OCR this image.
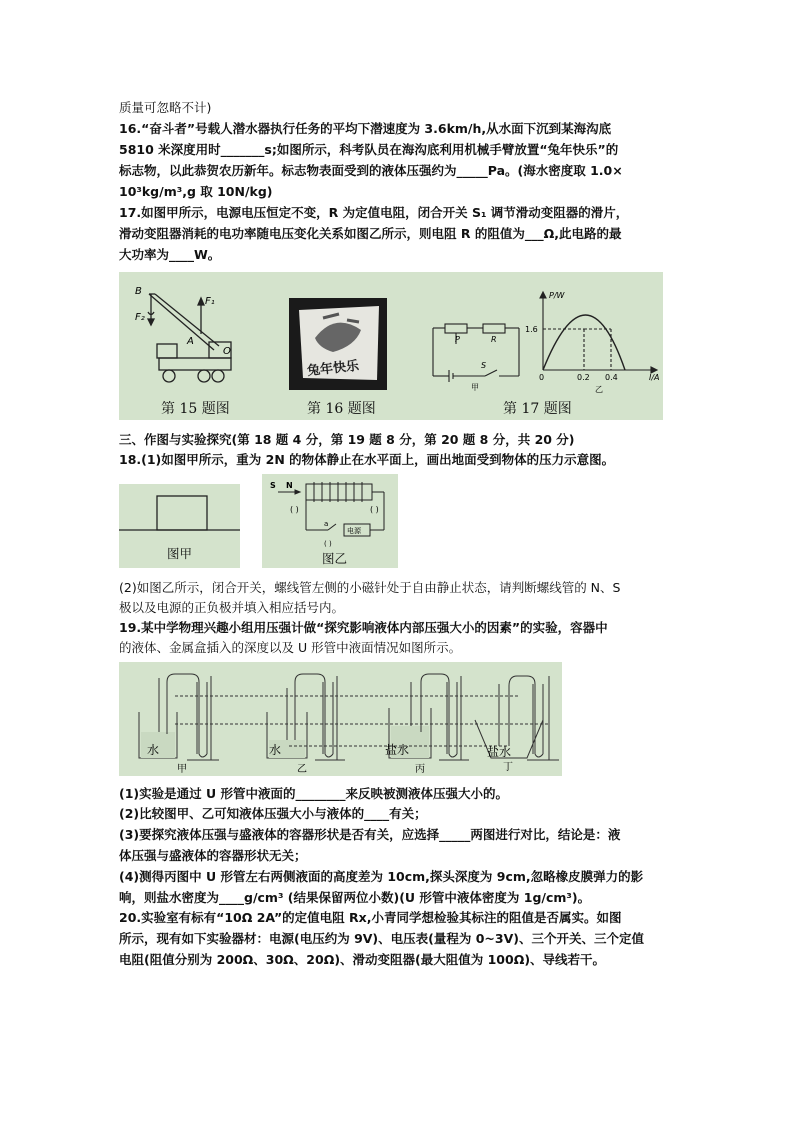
质量可忽略不计)
16.“奋斗者”号载人潜水器执行任务的平均下潜速度为 3.6km/h,从水面下沉到某海沟底
5810 米深度用时_______s;如图所示，科考队员在海沟底利用机械手臂放置“兔年快乐”的
标志物，以此恭贺农历新年。标志物表面受到的液体压强约为_____Pa。(海水密度取 1.0×
10³kg/m³,g 取 10N/kg)
17.如图甲所示，电源电压恒定不变，R 为定值电阻，闭合开关 S₁ 调节滑动变阻器的滑片，
滑动变阻器消耗的电功率随电压变化关系如图乙所示，则电阻 R 的阻值为___Ω,此电路的最
大功率为____W。
B
F₁
F₂
A
O
兔年快乐
P	R
S
甲
P/W
I/A
1.6
0	0.2 0.4
乙
第 15 题图	第 16 题图	第 17 题图
三、作图与实验探究(第 18 题 4 分，第 19 题 8 分，第 20 题 8 分，共 20 分)
18.(1)如图甲所示，重为 2N 的物体静止在水平面上，画出地面受到物体的压力示意图。
图甲
S N
( )	( )
a
电源
( )
图乙
(2)如图乙所示，闭合开关，螺线管左侧的小磁针处于自由静止状态，请判断螺线管的 N、S
极以及电源的正负极并填入相应括号内。
19.某中学物理兴趣小组用压强计做“探究影响液体内部压强大小的因素”的实验，容器中
的液体、金属盒插入的深度以及 U 形管中液面情况如图所示。
水
甲
水
乙
盐水
丙
盐水
丁
(1)实验是通过 U 形管中液面的________来反映被测液体压强大小的。
(2)比较图甲、乙可知液体压强大小与液体的____有关；
(3)要探究液体压强与盛液体的容器形状是否有关，应选择_____两图进行对比，结论是：液
体压强与盛液体的容器形状无关；
(4)测得丙图中 U 形管左右两侧液面的高度差为 10cm,探头深度为 9cm,忽略橡皮膜弹力的影
响，则盐水密度为____g/cm³ (结果保留两位小数)(U 形管中液体密度为 1g/cm³)。
20.实验室有标有“10Ω 2A”的定值电阻 Rx,小青同学想检验其标注的阻值是否属实。如图
所示，现有如下实验器材：电源(电压约为 9V)、电压表(量程为 0~3V)、三个开关、三个定值
电阻(阻值分别为 200Ω、30Ω、20Ω)、滑动变阻器(最大阻值为 100Ω)、导线若干。
